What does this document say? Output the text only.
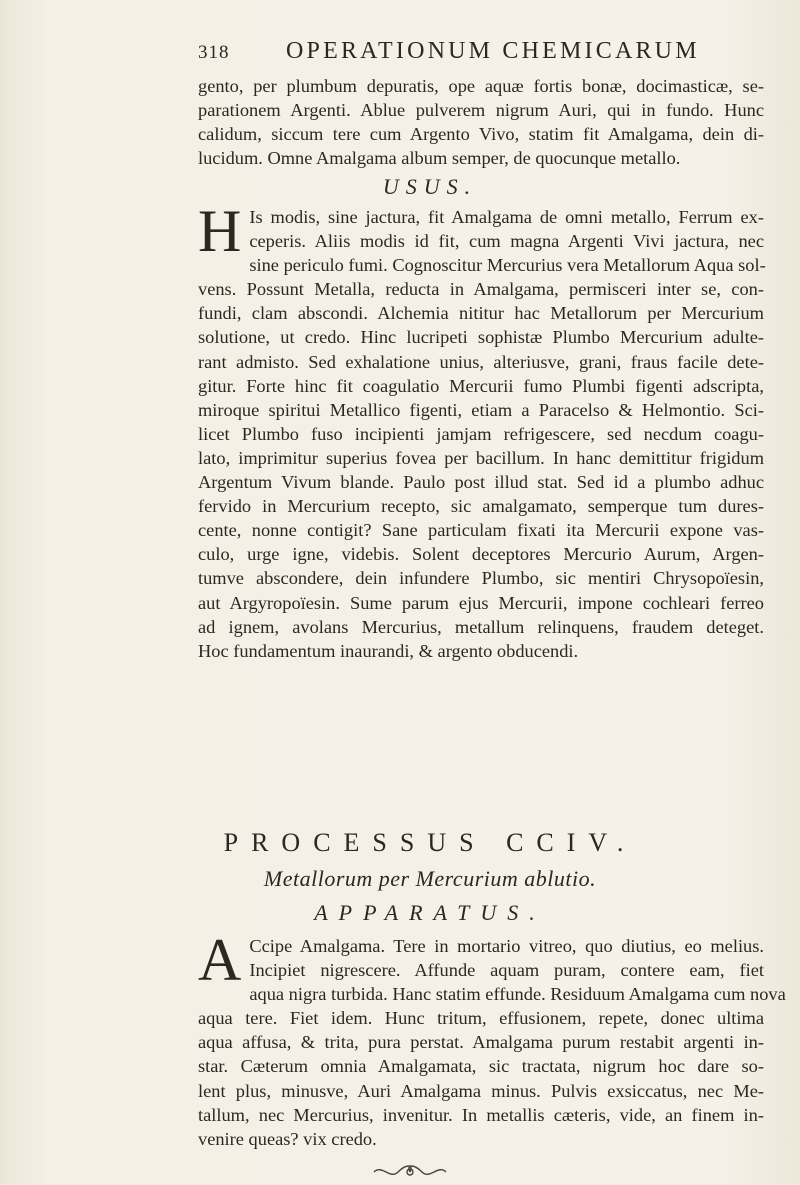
318 OPERATIONUM CHEMICARUM
gento, per plumbum depuratis, ope aquæ fortis bonæ, docimasticæ, se-
parationem Argenti. Ablue pulverem nigrum Auri, qui in fundo. Hunc
calidum, siccum tere cum Argento Vivo, statim fit Amalgama, dein di-
lucidum. Omne Amalgama album semper, de quocunque metallo.
USUS.
H Is modis, sine jactura, fit Amalgama de omni metallo, Ferrum ex-
ceperis. Aliis modis id fit, cum magna Argenti Vivi jactura, nec
sine periculo fumi. Cognoscitur Mercurius vera Metallorum Aqua sol-
vens. Possunt Metalla, reducta in Amalgama, permisceri inter se, con-
fundi, clam abscondi. Alchemia nititur hac Metallorum per Mercurium
solutione, ut credo. Hinc lucripeti sophistæ Plumbo Mercurium adulte-
rant admisto. Sed exhalatione unius, alteriusve, grani, fraus facile dete-
gitur. Forte hinc fit coagulatio Mercurii fumo Plumbi figenti adscripta,
miroque spiritui Metallico figenti, etiam a Paracelso & Helmontio. Sci-
licet Plumbo fuso incipienti jamjam refrigescere, sed necdum coagu-
lato, imprimitur superius fovea per bacillum. In hanc demittitur frigidum
Argentum Vivum blande. Paulo post illud stat. Sed id a plumbo adhuc
fervido in Mercurium recepto, sic amalgamato, semperque tum dures-
cente, nonne contigit? Sane particulam fixati ita Mercurii expone vas-
culo, urge igne, videbis. Solent deceptores Mercurio Aurum, Argen-
tumve abscondere, dein infundere Plumbo, sic mentiri Chrysopoïesin,
aut Argyropoïesin. Sume parum ejus Mercurii, impone cochleari ferreo
ad ignem, avolans Mercurius, metallum relinquens, fraudem deteget.
Hoc fundamentum inaurandi, & argento obducendi.
PROCESSUS CCIV.
Metallorum per Mercurium ablutio.
APPARATUS.
A Ccipe Amalgama. Tere in mortario vitreo, quo diutius, eo melius.
Incipiet nigrescere. Affunde aquam puram, contere eam, fiet
aqua nigra turbida. Hanc statim effunde. Residuum Amalgama cum nova
aqua tere. Fiet idem. Hunc tritum, effusionem, repete, donec ultima
aqua affusa, & trita, pura perstat. Amalgama purum restabit argenti in-
star. Cæterum omnia Amalgamata, sic tractata, nigrum hoc dare so-
lent plus, minusve, Auri Amalgama minus. Pulvis exsiccatus, nec Me-
tallum, nec Mercurius, invenitur. In metallis cæteris, vide, an finem in-
venire queas? vix credo.
